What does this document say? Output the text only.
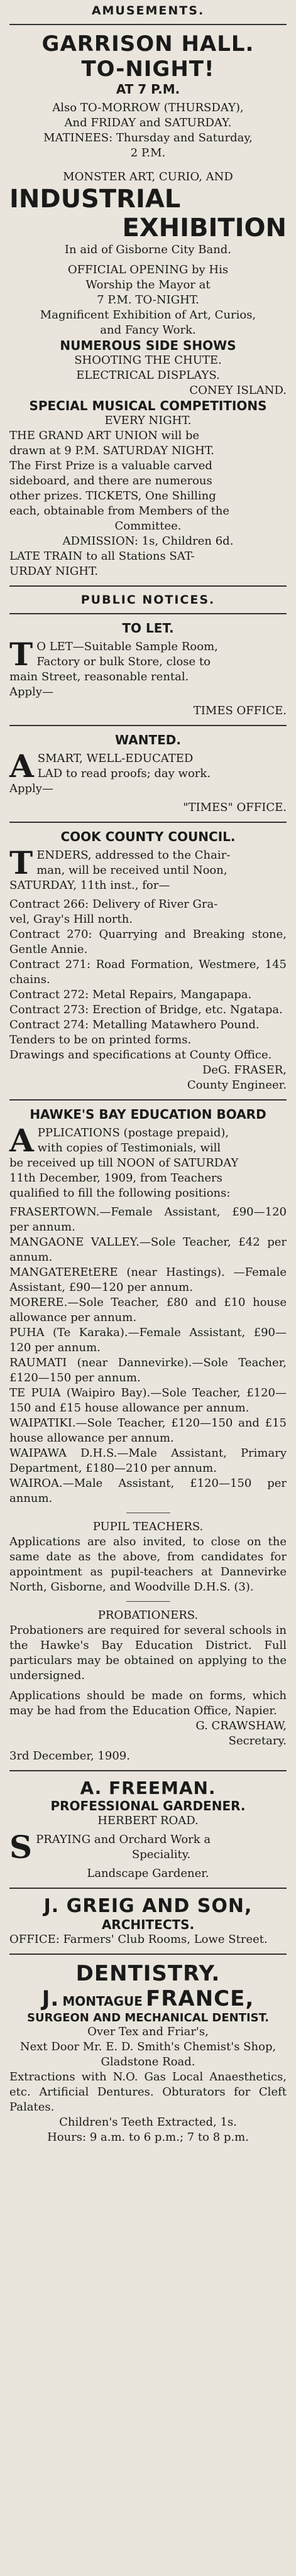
AMUSEMENTS.
GARRISON HALL.
TO-NIGHT!
AT 7 P.M.
Also TO-MORROW (THURSDAY),
And FRIDAY and SATURDAY.
MATINEES: Thursday and Saturday,
2 P.M.
MONSTER ART, CURIO, AND
INDUSTRIAL
EXHIBITION
In aid of Gisborne City Band.
OFFICIAL OPENING by His
Worship the Mayor at
7 P.M. TO-NIGHT.
Magnificent Exhibition of Art, Curios,
and Fancy Work.
NUMEROUS SIDE SHOWS
SHOOTING THE CHUTE.
ELECTRICAL DISPLAYS.
CONEY ISLAND.
SPECIAL MUSICAL COMPETITIONS
EVERY NIGHT.
THE GRAND ART UNION will be
drawn at 9 P.M. SATURDAY NIGHT.
The First Prize is a valuable carved
sideboard, and there are numerous
other prizes. TICKETS, One Shilling
each, obtainable from Members of the
Committee.
ADMISSION: 1s, Children 6d.
LATE TRAIN to all Stations SAT-
URDAY NIGHT.
PUBLIC NOTICES.
TO LET.
T O LET—Suitable Sample Room,
Factory or bulk Store, close to
main Street, reasonable rental.
Apply—
TIMES OFFICE.
WANTED.
A SMART, WELL-EDUCATED
LAD to read proofs; day work.
Apply—
"TIMES" OFFICE.
COOK COUNTY COUNCIL.
T ENDERS, addressed to the Chair-
man, will be received until Noon,
SATURDAY, 11th inst., for—
Contract 266: Delivery of River Gra-
vel, Gray's Hill north.
Contract 270: Quarrying and Breaking stone, Gentle Annie.
Contract 271: Road Formation, Westmere, 145 chains.
Contract 272: Metal Repairs, Mangapapa.
Contract 273: Erection of Bridge, etc. Ngatapa.
Contract 274: Metalling Matawhero Pound.
Tenders to be on printed forms.
Drawings and specifications at County Office.
DeG. FRASER,
County Engineer.
HAWKE'S BAY EDUCATION BOARD
A PPLICATIONS (postage prepaid),
with copies of Testimonials, will
be received up till NOON of SATURDAY
11th December, 1909, from Teachers
qualified to fill the following positions:
FRASERTOWN.—Female Assistant, £90—120 per annum.
MANGAONE VALLEY.—Sole Teacher, £42 per annum.
MANGATEREtERE (near Hastings). —Female Assistant, £90—120 per annum.
MORERE.—Sole Teacher, £80 and £10 house allowance per annum.
PUHA (Te Karaka).—Female Assistant, £90—120 per annum.
RAUMATI (near Dannevirke).—Sole Teacher, £120—150 per annum.
TE PUIA (Waipiro Bay).—Sole Teacher, £120—150 and £15 house allowance per annum.
WAIPATIKI.—Sole Teacher, £120—150 and £15 house allowance per annum.
WAIPAWA D.H.S.—Male Assistant, Primary Department, £180—210 per annum.
WAIROA.—Male Assistant, £120—150 per annum.
PUPIL TEACHERS.
Applications are also invited, to close on the same date as the above, from candidates for appointment as pupil-teachers at Dannevirke North, Gisborne, and Woodville D.H.S. (3).
PROBATIONERS.
Probationers are required for several schools in the Hawke's Bay Education District. Full particulars may be obtained on applying to the undersigned.
Applications should be made on forms, which may be had from the Education Office, Napier.
G. CRAWSHAW,
Secretary.
3rd December, 1909.
A. FREEMAN.
PROFESSIONAL GARDENER.
HERBERT ROAD.
S PRAYING and Orchard Work a
Speciality.
Landscape Gardener.
J. GREIG AND SON,
ARCHITECTS.
OFFICE: Farmers' Club Rooms, Lowe Street.
DENTISTRY.
J. MONTAGUE FRANCE,
SURGEON AND MECHANICAL DENTIST.
Over Tex and Friar's,
Next Door Mr. E. D. Smith's Chemist's Shop, Gladstone Road.
Extractions with N.O. Gas Local Anaesthetics, etc. Artificial Dentures. Obturators for Cleft Palates.
Children's Teeth Extracted, 1s.
Hours: 9 a.m. to 6 p.m.; 7 to 8 p.m.
